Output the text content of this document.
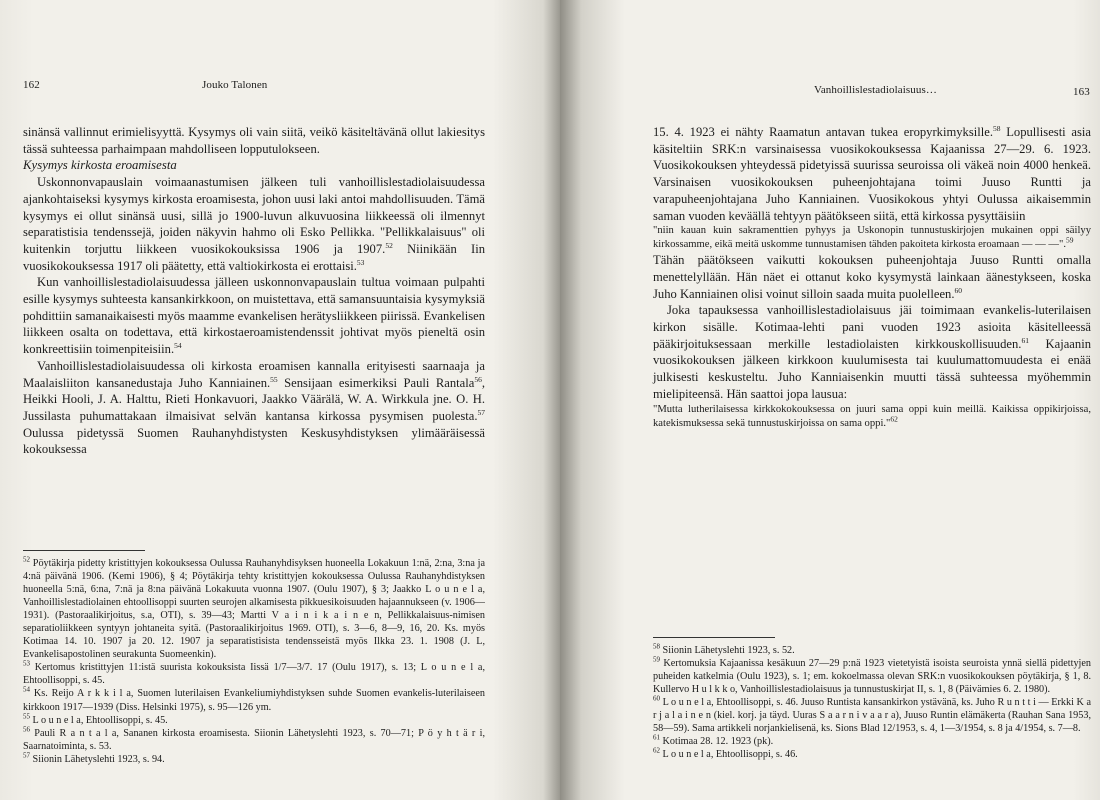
162	Jouko Talonen

sinänsä vallinnut erimielisyyttä. Kysymys oli vain siitä, veikö käsiteltävänä ollut lakiesitys tässä suhteessa parhaimpaan mahdolliseen lopputulokseen.

Kysymys kirkosta eroamisesta

Uskonnonvapauslain voimaanastumisen jälkeen tuli vanhoillislestadiolaisuudessa ajankohtaiseksi kysymys kirkosta eroamisesta, johon uusi laki antoi mahdollisuuden. Tämä kysymys ei ollut sinänsä uusi, sillä jo 1900-luvun alkuvuosina liikkeessä oli ilmennyt separatistisia tendenssejä, joiden näkyvin hahmo oli Esko Pellikka. "Pellikkalaisuus" oli kuitenkin torjuttu liikkeen vuosikokouksissa 1906 ja 1907.52 Niinikään Iin vuosikokouksessa 1917 oli päätetty, että valtiokirkosta ei erottaisi.$^{53}$

Kun vanhoillislestadiolaisuudessa jälleen uskonnonvapauslain tultua voimaan pulpahti esille kysymys suhteesta kansankirkkoon, on muistettava, että samansuuntaisia kysymyksiä pohdittiin samanaikaisesti myös maamme evankelisen herätysliikkeen piirissä. Evankelisen liikkeen osalta on todettava, että kirkostaeroamistendenssit johtivat myös pieneltä osin konkreettisiin toimenpiteisiin.$^{54}$

Vanhoillislestadiolaisuudessa oli kirkosta eroamisen kannalla erityisesti saarnaaja ja Maalaisliiton kansanedustaja Juho Kanniainen.$^{55}$ Sensijaan esimerkiksi Pauli Rantala$^{56}$, Heikki Hooli, J. A. Halttu, Rieti Honkavuori, Jaakko Väärälä, W. A. Wirkkula jne. O. H. Jussilasta puhumattakaan ilmaisivat selvän kantansa kirkossa pysymisen puolesta.$^{57}$ Oulussa pidetyssä Suomen Rauhanyhdistysten Keskusyhdistyksen ylimääräisessä kokouksessa

$^{52}$ Pöytäkirja pidetty kristittyjen kokouksessa Oulussa Rauhanyhdisyksen huoneella Lokakuun 1:nä, 2:na, 3:na ja 4:nä päivänä 1906. (Kemi 1906), § 4; Pöytäkirja tehty kristittyjen kokouksessa Oulussa Rauhanyhdistyksen huoneella 5:nä, 6:na, 7:nä ja 8:na päivänä Lokakuuta vuonna 1907. (Oulu 1907), § 3; Jaakko L o u n e l a, Vanhoillislestadiolainen ehtoollisoppi suurten seurojen alkamisesta pikkuesikoisuuden hajaannukseen (v. 1906—1931). (Pastoraalikirjoitus, s.a, OTI), s. 39—43; Martti V a i n i k a i n e n, Pellikkalaisuus-nimisen separatioliikkeen syntyyn johtaneita syitä. (Pastoraalikirjoitus 1969. OTI), s. 3—6, 8—9, 16, 20. Ks. myös Kotimaa 14. 10. 1907 ja 20. 12. 1907 ja separatistisista tendensseistä myös Ilkka 23. 1. 1908 (J. L, Evankelisapostolinen seurakunta Suomeenkin).

$^{53}$ Kertomus kristittyjen 11:istä suurista kokouksista Iissä 1/7—3/7. 17 (Oulu 1917), s. 13; L o u n e l a, Ehtoollisoppi, s. 45.

$^{54}$ Ks. Reijo A r k k i l a, Suomen luterilaisen Evankeliumiyhdistyksen suhde Suomen evankelis-luterilaiseen kirkkoon 1917—1939 (Diss. Helsinki 1975), s. 95—126 ym.

$^{55}$ L o u n e l a, Ehtoollisoppi, s. 45.

$^{56}$ Pauli R a n t a l a, Sananen kirkosta eroamisesta. Siionin Lähetyslehti 1923, s. 70—71; P ö y h t ä r i, Saarnatoiminta, s. 53.

$^{57}$ Siionin Lähetyslehti 1923, s. 94.

Vanhoillislestadiolaisuus…	163

15. 4. 1923 ei nähty Raamatun antavan tukea eropyrkimyksille.$^{58}$ Lopullisesti asia käsiteltiin SRK:n varsinaisessa vuosikokouksessa Kajaanissa 27—29. 6. 1923. Vuosikokouksen yhteydessä pidetyissä suurissa seuroissa oli väkeä noin 4000 henkeä. Varsinaisen vuosikokouksen puheenjohtajana toimi Juuso Runtti ja varapuheenjohtajana Juho Kanniainen. Vuosikokous yhtyi Oulussa aikaisemmin saman vuoden keväällä tehtyyn päätökseen siitä, että kirkossa pysyttäisiin

"niin kauan kuin sakramenttien pyhyys ja Uskonopin tunnustuskirjojen mukainen oppi säilyy kirkossamme, eikä meitä uskomme tunnustamisen tähden pakoiteta kirkosta eroamaan — — —".$^{59}$

Tähän päätökseen vaikutti kokouksen puheenjohtaja Juuso Runtti omalla menettelyllään. Hän näet ei ottanut koko kysymystä lainkaan äänestykseen, koska Juho Kanniainen olisi voinut silloin saada muita puolelleen.$^{60}$

Joka tapauksessa vanhoillislestadiolaisuus jäi toimimaan evankelis-luterilaisen kirkon sisälle. Kotimaa-lehti pani vuoden 1923 asioita käsitelleessä pääkirjoituksessaan merkille lestadiolaisten kirkkouskollisuuden.$^{61}$ Kajaanin vuosikokouksen jälkeen kirkkoon kuulumisesta tai kuulumattomuudesta ei enää julkisesti keskusteltu. Juho Kanniaisenkin muutti tässä suhteessa myöhemmin mielipiteensä. Hän saattoi jopa lausua:

"Mutta lutherilaisessa kirkkokokouksessa on juuri sama oppi kuin meillä. Kaikissa oppikirjoissa, katekismuksessa sekä tunnustuskirjoissa on sama oppi."$^{62}$

$^{58}$ Siionin Lähetyslehti 1923, s. 52.

$^{59}$ Kertomuksia Kajaanissa kesäkuun 27—29 p:nä 1923 vietetyistä isoista seuroista ynnä siellä pidettyjen puheiden katkelmia (Oulu 1923), s. 1; em. kokoelmassa olevan SRK:n vuosikokouksen pöytäkirja, § 1, 8. Kullervo H u l k k o, Vanhoillislestadiolaisuus ja tunnustuskirjat II, s. 1, 8 (Päivämies 6. 2. 1980).

$^{60}$ L o u n e l a, Ehtoollisoppi, s. 46. Juuso Runtista kansankirkon ystävänä, ks. Juho R u n t t i — Erkki K a r j a l a i n e n (kiel. korj. ja täyd. Uuras S a a r n i v a a r a), Juuso Runtin elämäkerta (Rauhan Sana 1953, 58—59). Sama artikkeli norjankielisenä, ks. Sions Blad 12/1953, s. 4, 1—3/1954, s. 8 ja 4/1954, s. 7—8.

$^{61}$ Kotimaa 28. 12. 1923 (pk).

$^{62}$ L o u n e l a, Ehtoollisoppi, s. 46.
